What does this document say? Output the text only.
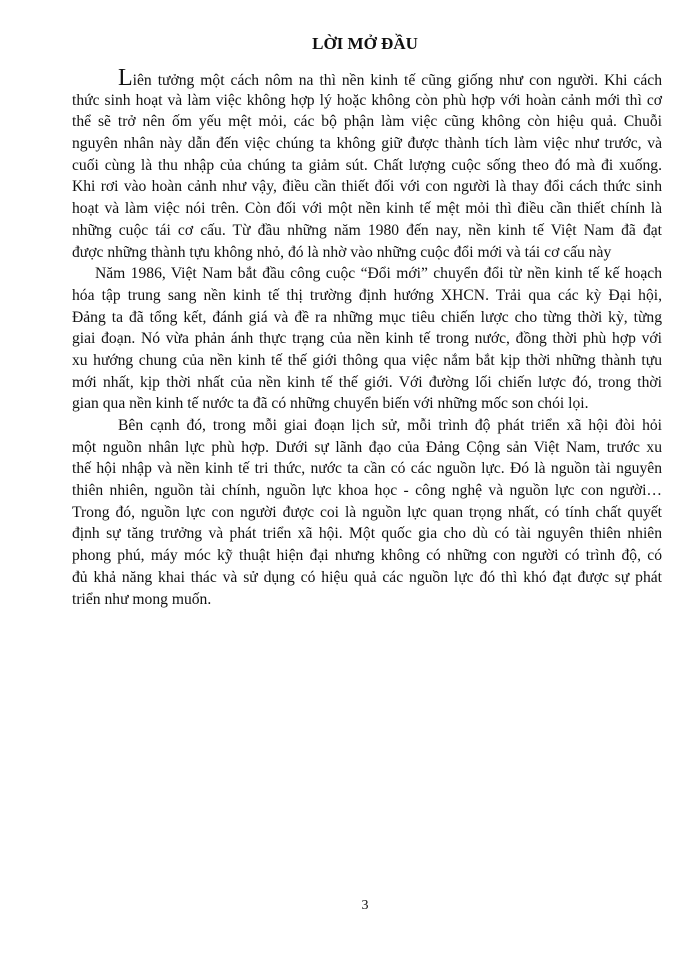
LỜI MỞ ĐẦU
Liên tưởng một cách nôm na thì nền kinh tế cũng giống như con người. Khi cách
thức sinh hoạt và làm việc không hợp lý hoặc không còn phù hợp với hoàn cảnh mới thì cơ
thể sẽ trở nên ốm yếu mệt mỏi, các bộ phận làm việc cũng không còn hiệu quả. Chuỗi
nguyên nhân này dẫn đến việc chúng ta không giữ được thành tích làm việc như trước, và
cuối cùng là thu nhập của chúng ta giảm sút. Chất lượng cuộc sống theo đó mà đi xuống.
Khi rơi vào hoàn cảnh như vậy, điều cần thiết đối với con người là thay đổi cách thức sinh
hoạt và làm việc nói trên. Còn đối với một nền kinh tế mệt mỏi thì điều cần thiết chính là
những cuộc tái cơ cấu. Từ đầu những năm 1980 đến nay, nền kinh tế Việt Nam đã đạt
được những thành tựu không nhỏ, đó là nhờ vào những cuộc đổi mới và tái cơ cấu này
Năm 1986, Việt Nam bắt đầu công cuộc “Đổi mới” chuyển đổi từ nền kinh tế kế hoạch
hóa tập trung sang nền kinh tế thị trường định hướng XHCN. Trải qua các kỳ Đại hội,
Đảng ta đã tổng kết, đánh giá và đề ra những mục tiêu chiến lược cho từng thời kỳ, từng
giai đoạn. Nó vừa phản ánh thực trạng của nền kinh tế trong nước, đồng thời phù hợp với
xu hướng chung của nền kinh tế thế giới thông qua việc nắm bắt kịp thời những thành tựu
mới nhất, kịp thời nhất của nền kinh tế thế giới. Với đường lối chiến lược đó, trong thời
gian qua nền kinh tế nước ta đã có những chuyển biến với những mốc son chói lọi.
Bên cạnh đó, trong mỗi giai đoạn lịch sử, mỗi trình độ phát triển xã hội đòi hỏi
một nguồn nhân lực phù hợp. Dưới sự lãnh đạo của Đảng Cộng sản Việt Nam, trước xu
thế hội nhập và nền kinh tế tri thức, nước ta cần có các nguồn lực. Đó là nguồn tài nguyên
thiên nhiên, nguồn tài chính, nguồn lực khoa học - công nghệ và nguồn lực con người…
Trong đó, nguồn lực con người được coi là nguồn lực quan trọng nhất, có tính chất quyết
định sự tăng trưởng và phát triển xã hội. Một quốc gia cho dù có tài nguyên thiên nhiên
phong phú, máy móc kỹ thuật hiện đại nhưng không có những con người có trình độ, có
đủ khả năng khai thác và sử dụng có hiệu quả các nguồn lực đó thì khó đạt được sự phát
triển như mong muốn.
3
